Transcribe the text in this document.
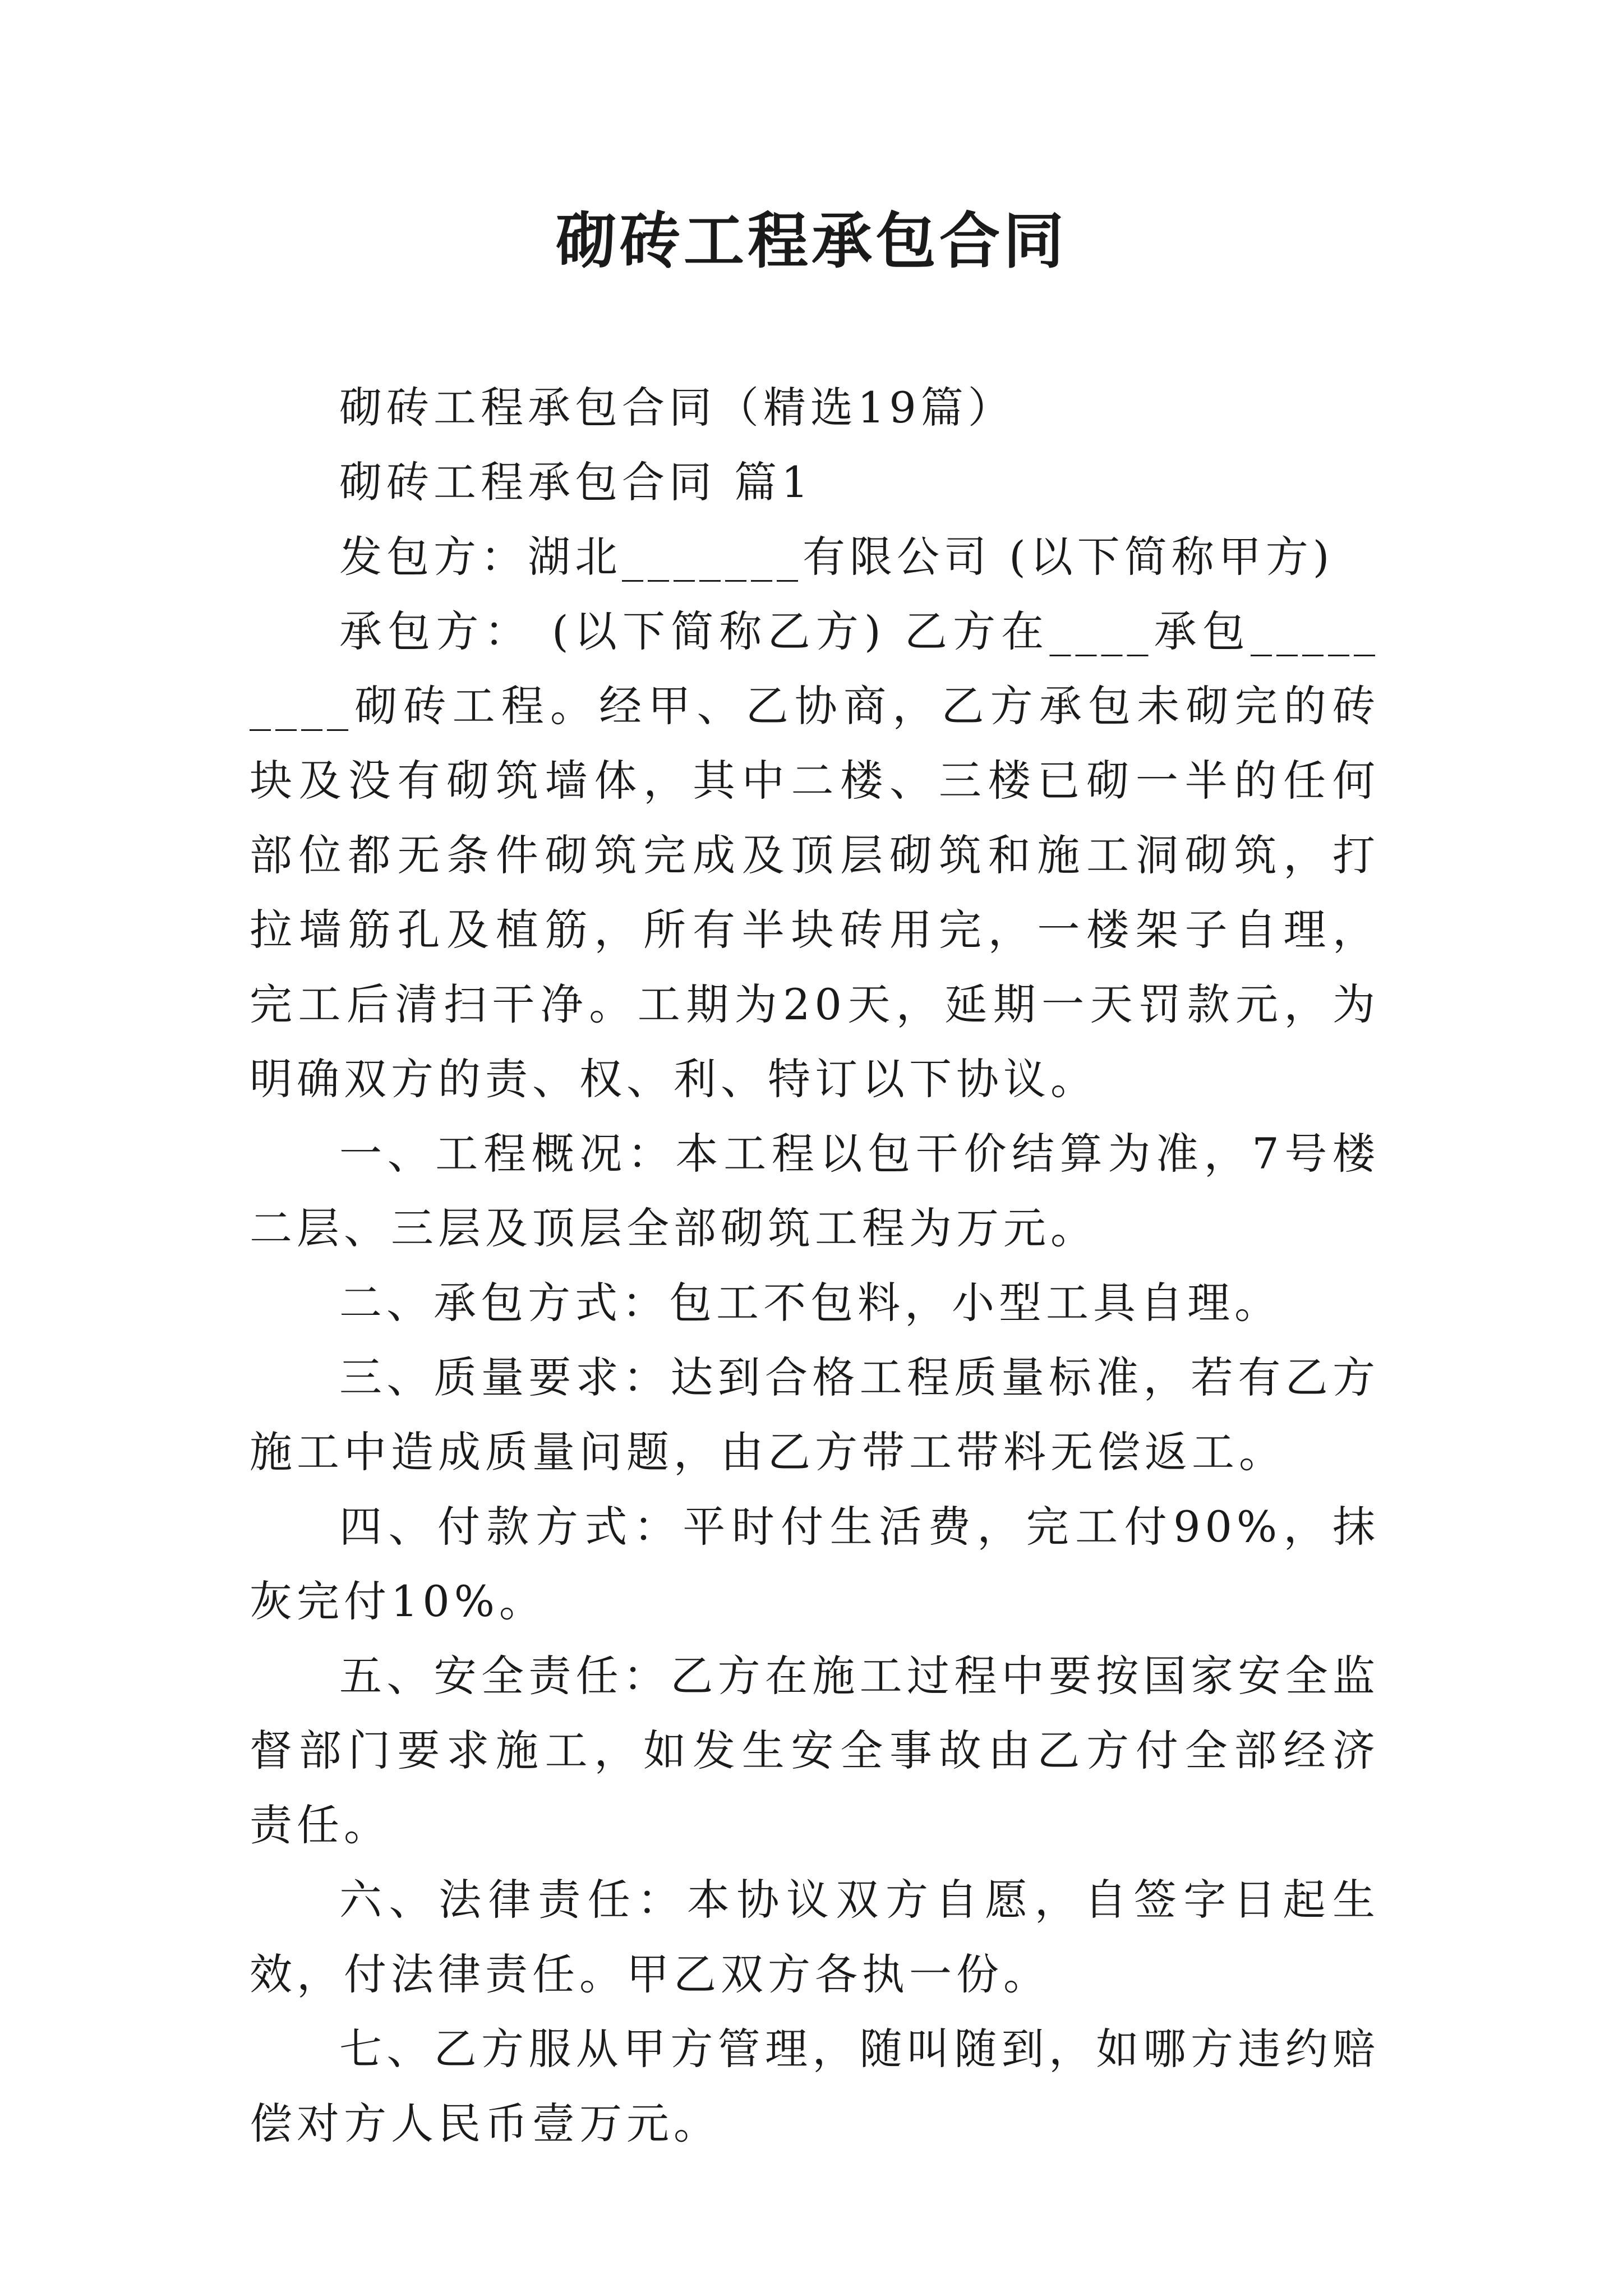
砌砖工程承包合同

砌砖工程承包合同（精选19篇）

砌砖工程承包合同 篇1

发包方：湖北_______有限公司 (以下简称甲方)

承包方： (以下简称乙方) 乙方在____承包_________砌砖工程。经甲、乙协商，乙方承包未砌完的砖块及没有砌筑墙体，其中二楼、三楼已砌一半的任何部位都无条件砌筑完成及顶层砌筑和施工洞砌筑，打拉墙筋孔及植筋，所有半块砖用完，一楼架子自理，完工后清扫干净。工期为20天，延期一天罚款元，为明确双方的责、权、利、特订以下协议。

一、工程概况：本工程以包干价结算为准，7号楼二层、三层及顶层全部砌筑工程为万元。

二、承包方式：包工不包料，小型工具自理。

三、质量要求：达到合格工程质量标准，若有乙方施工中造成质量问题，由乙方带工带料无偿返工。

四、付款方式：平时付生活费，完工付90%，抹灰完付10%。

五、安全责任：乙方在施工过程中要按国家安全监督部门要求施工，如发生安全事故由乙方付全部经济责任。

六、法律责任：本协议双方自愿，自签字日起生效，付法律责任。甲乙双方各执一份。

七、乙方服从甲方管理，随叫随到，如哪方违约赔偿对方人民币壹万元。
